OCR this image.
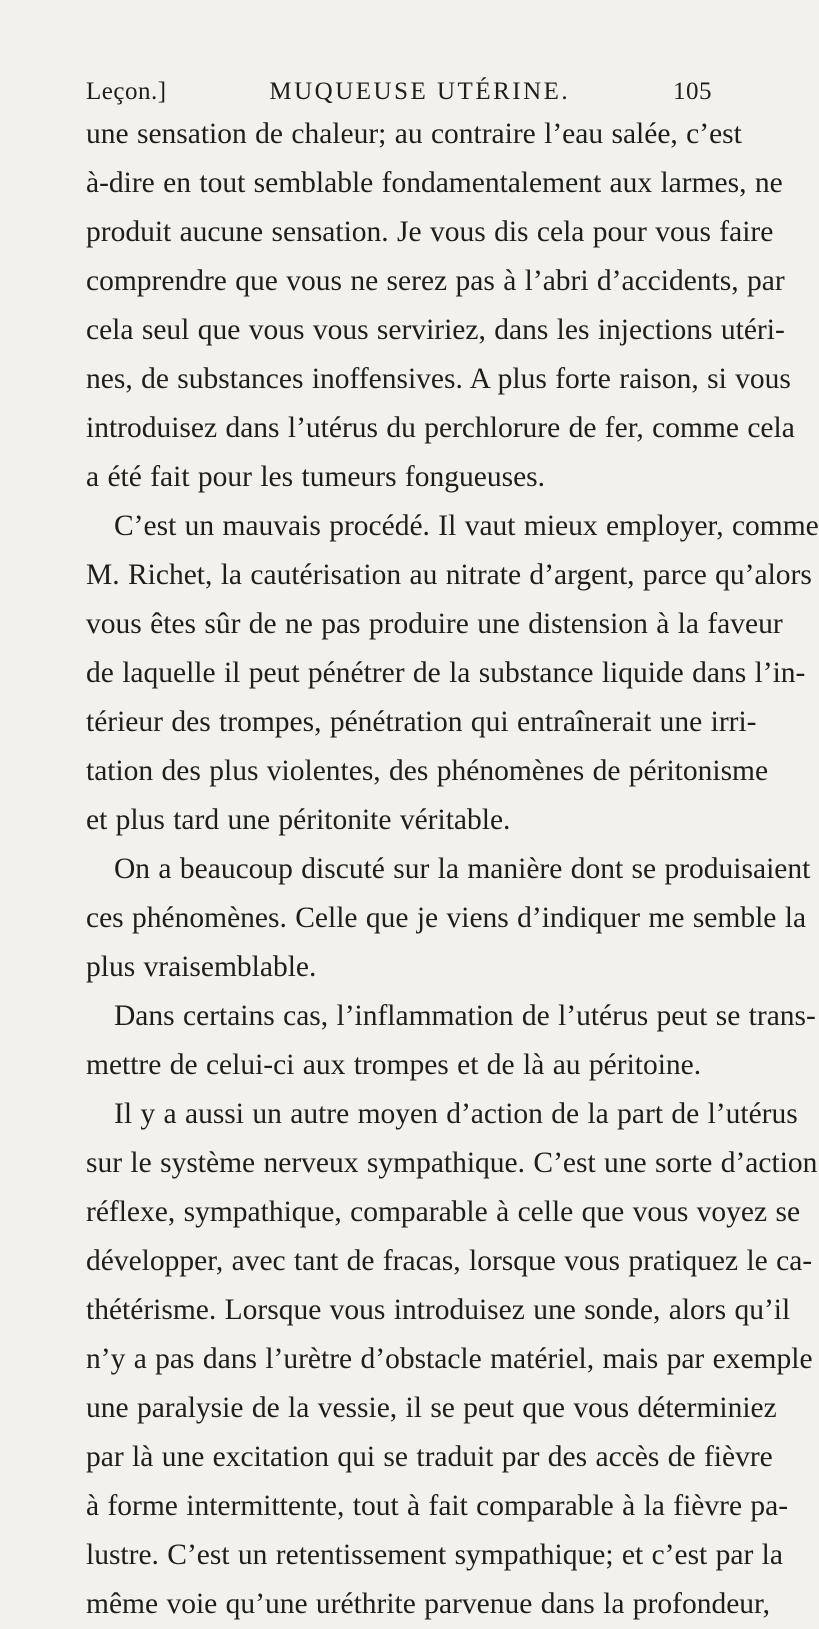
Leçon.]	MUQUEUSE UTÉRINE.	105

une sensation de chaleur; au contraire l’eau salée, c’est
à-dire en tout semblable fondamentalement aux larmes, ne
produit aucune sensation. Je vous dis cela pour vous faire
comprendre que vous ne serez pas à l’abri d’accidents, par
cela seul que vous vous serviriez, dans les injections utéri-
nes, de substances inoffensives. A plus forte raison, si vous
introduisez dans l’utérus du perchlorure de fer, comme cela
a été fait pour les tumeurs fongueuses.

C’est un mauvais procédé. Il vaut mieux employer, comme
M. Richet, la cautérisation au nitrate d’argent, parce qu’alors
vous êtes sûr de ne pas produire une distension à la faveur
de laquelle il peut pénétrer de la substance liquide dans l’in-
térieur des trompes, pénétration qui entraînerait une irri-
tation des plus violentes, des phénomènes de péritonisme
et plus tard une péritonite véritable.

On a beaucoup discuté sur la manière dont se produisaient
ces phénomènes. Celle que je viens d’indiquer me semble la
plus vraisemblable.

Dans certains cas, l’inflammation de l’utérus peut se trans-
mettre de celui-ci aux trompes et de là au péritoine.

Il y a aussi un autre moyen d’action de la part de l’utérus
sur le système nerveux sympathique. C’est une sorte d’action
réflexe, sympathique, comparable à celle que vous voyez se
développer, avec tant de fracas, lorsque vous pratiquez le ca-
thétérisme. Lorsque vous introduisez une sonde, alors qu’il
n’y a pas dans l’urètre d’obstacle matériel, mais par exemple
une paralysie de la vessie, il se peut que vous déterminiez
par là une excitation qui se traduit par des accès de fièvre
à forme intermittente, tout à fait comparable à la fièvre pa-
lustre. C’est un retentissement sympathique; et c’est par la
même voie qu’une uréthrite parvenue dans la profondeur,
